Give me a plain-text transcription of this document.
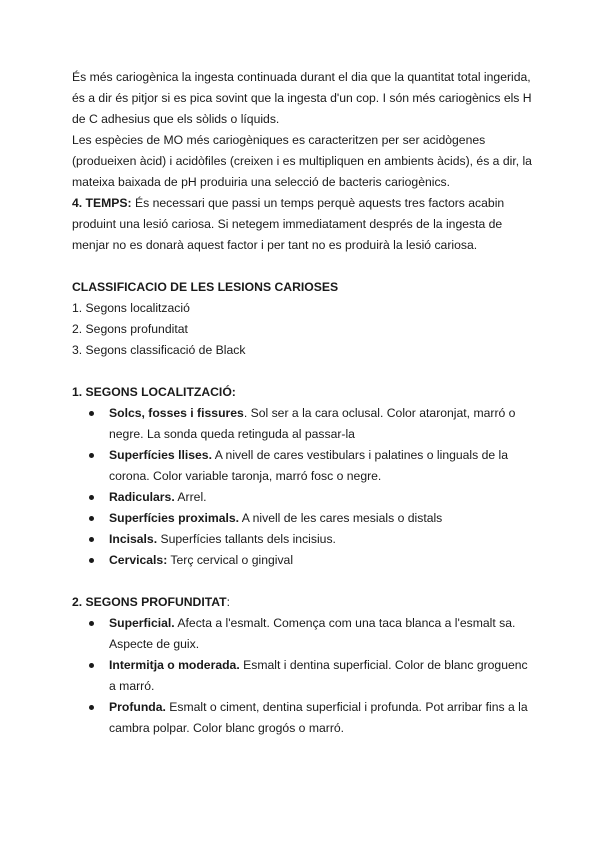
És més cariogènica la ingesta continuada durant el dia que la quantitat total ingerida, és a dir és pitjor si es pica sovint que la ingesta d'un cop. I són més cariogènics els H de C adhesius que els sòlids o líquids.

Les espècies de MO més cariogèniques es caracteritzen per ser acidògenes (produeixen àcid) i acidòfiles (creixen i es multipliquen en ambients àcids), és a dir, la mateixa baixada de pH produiria una selecció de bacteris cariogènics.

4. TEMPS: És necessari que passi un temps perquè aquests tres factors acabin produint una lesió cariosa. Si netegem immediatament després de la ingesta de menjar no es donarà aquest factor i per tant no es produirà la lesió cariosa.

CLASSIFICACIO DE LES LESIONS CARIOSES

1. Segons localització

2. Segons profunditat

3. Segons classificació de Black

1. SEGONS LOCALITZACIÓ:

Solcs, fosses i fissures. Sol ser a la cara oclusal. Color ataronjat, marró o negre. La sonda queda retinguda al passar-la
Superfícies llises. A nivell de cares vestibulars i palatines o linguals de la corona. Color variable taronja, marró fosc o negre.
Radiculars. Arrel.
Superfícies proximals. A nivell de les cares mesials o distals
Incisals. Superfícies tallants dels incisius.
Cervicals: Terç cervical o gingival

2. SEGONS PROFUNDITAT:

Superficial. Afecta a l'esmalt. Comença com una taca blanca a l'esmalt sa. Aspecte de guix.
Intermitja o moderada. Esmalt i dentina superficial. Color de blanc groguenc a marró.
Profunda. Esmalt o ciment, dentina superficial i profunda. Pot arribar fins a la cambra polpar. Color blanc grogós o marró.
